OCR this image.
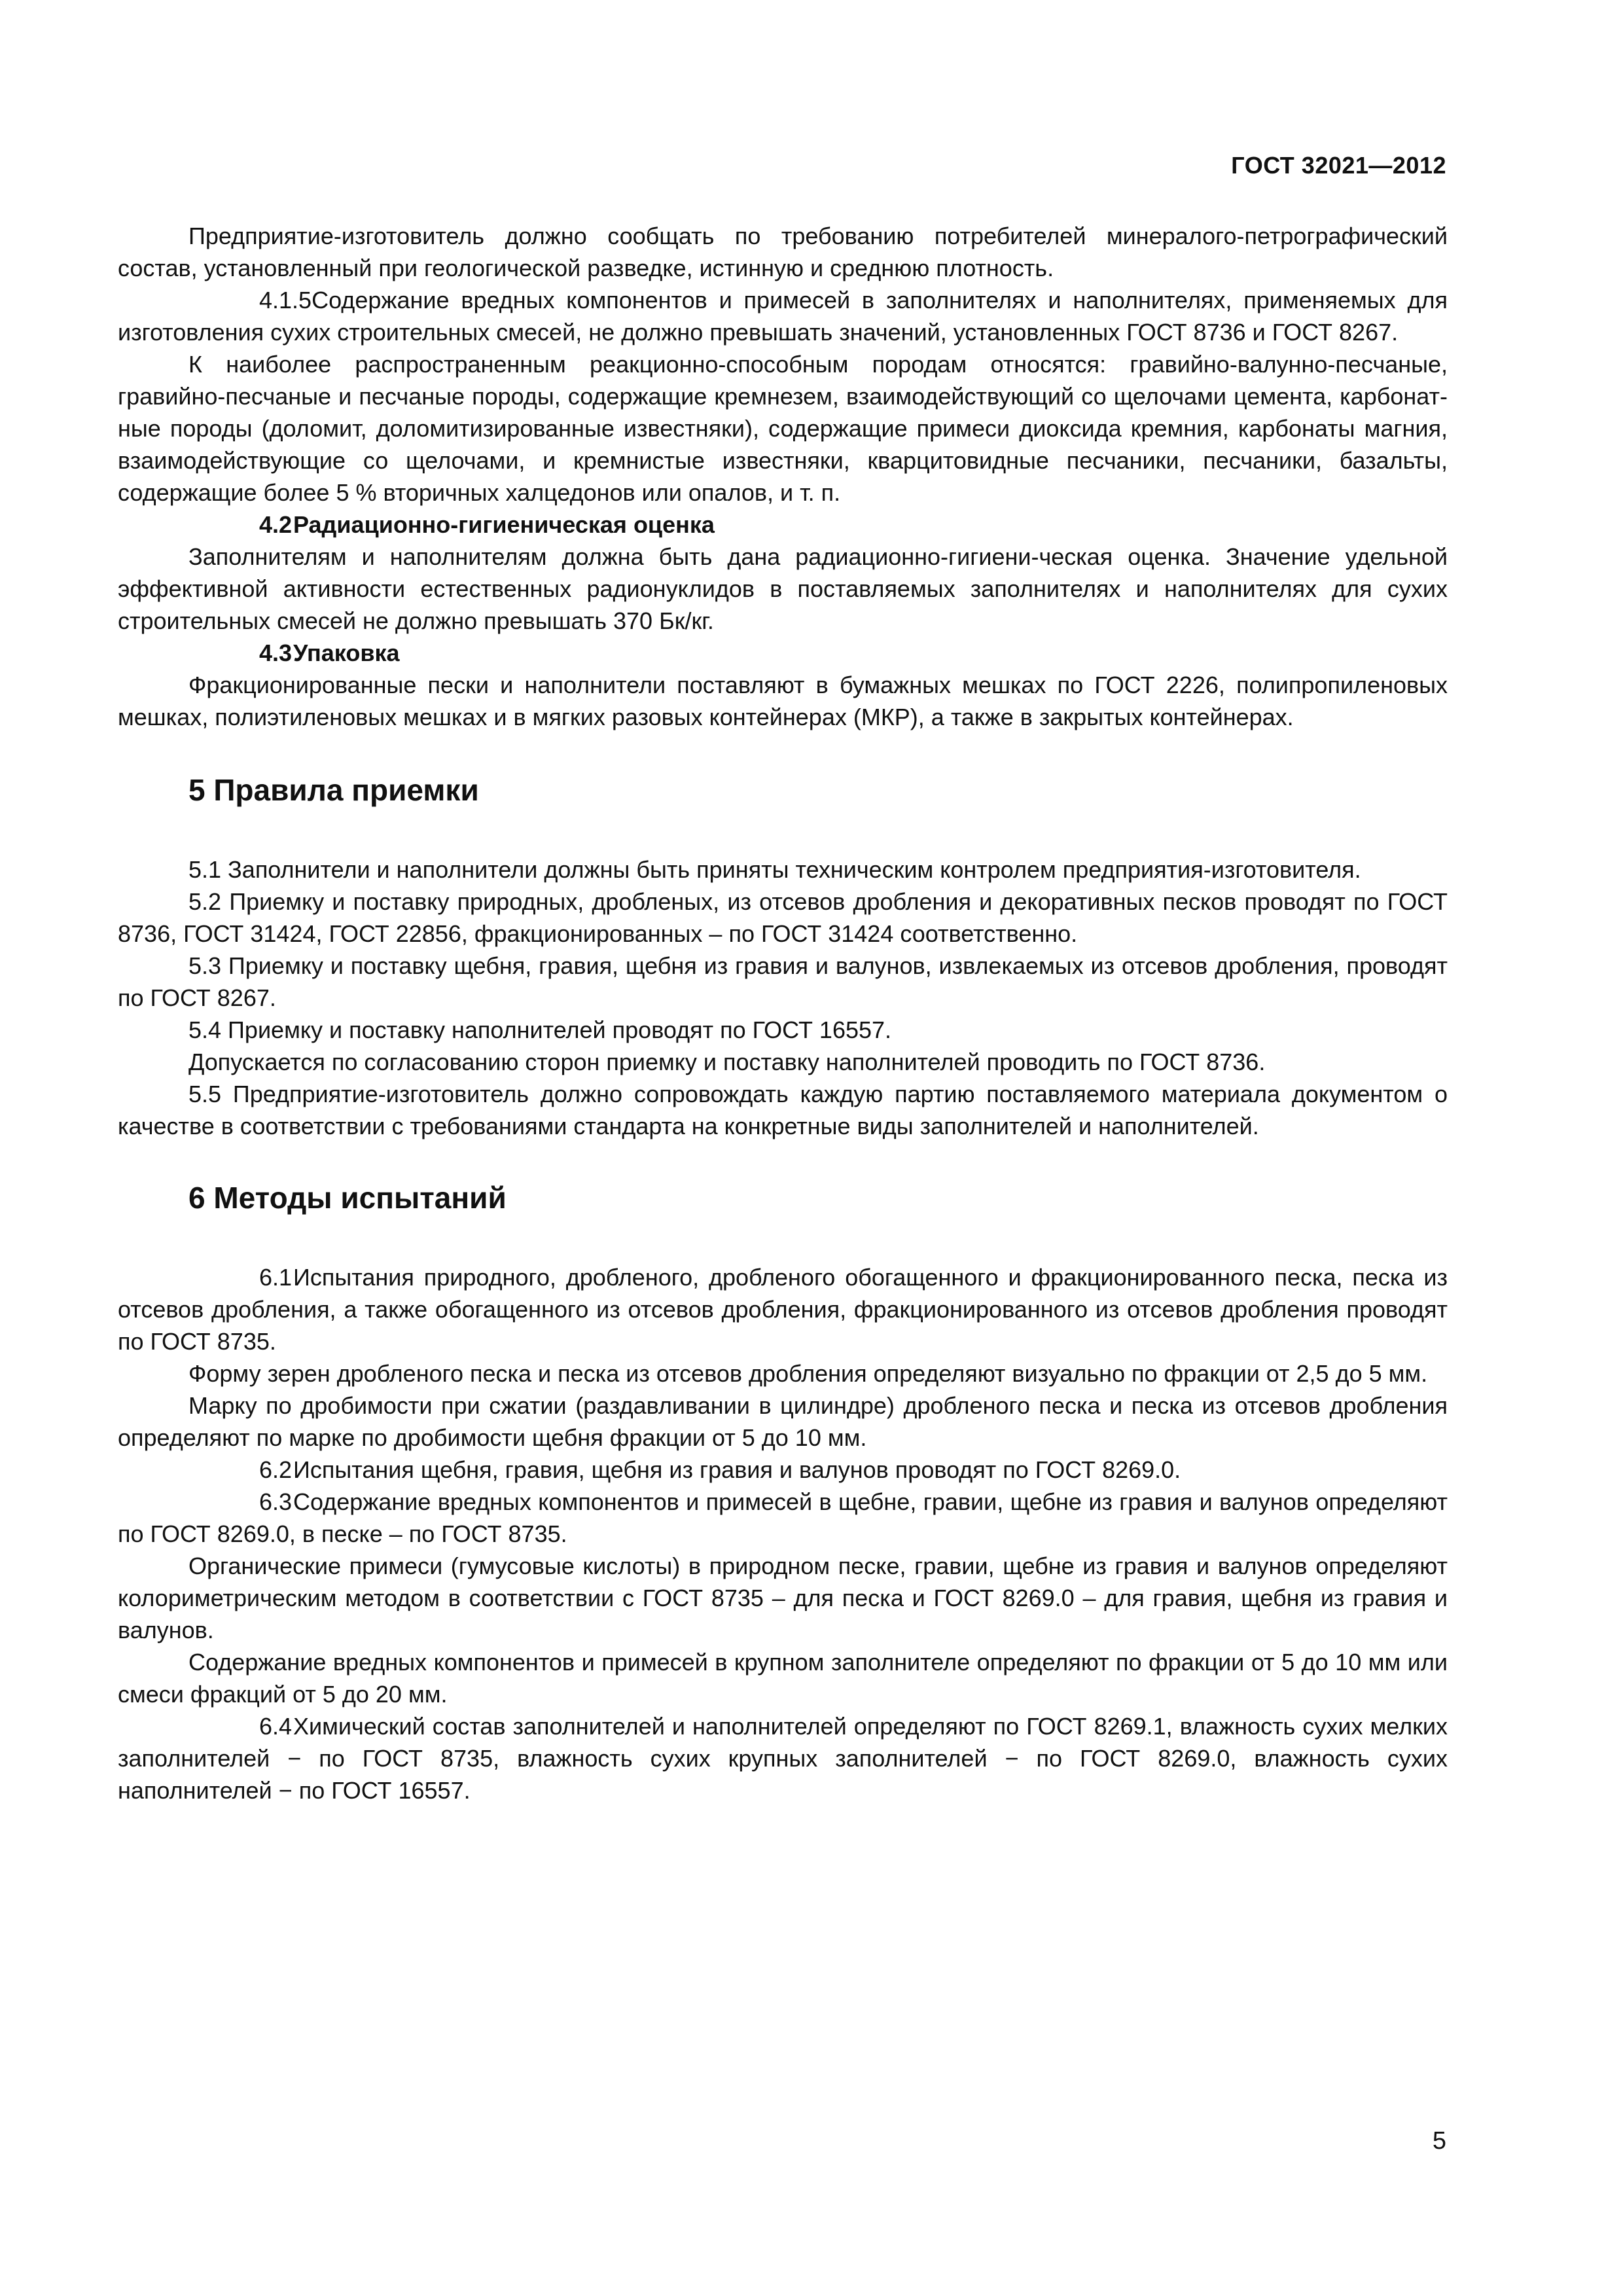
ГОСТ 32021—2012

Предприятие-изготовитель должно сообщать по требованию потребителей минералого-петрографический состав, установленный при геологической разведке, истинную и среднюю плотность.

4.1.5Содержание вредных компонентов и примесей в заполнителях и наполнителях, применяемых для изготовления сухих строительных смесей, не должно превышать значений, установленных ГОСТ 8736 и ГОСТ 8267.

К наиболее распространенным реакционно-способным породам относятся: гравийно-валунно-песчаные, гравийно-песчаные и песчаные породы, содержащие кремнезем, взаимодействующий со щелочами цемента, карбонат-ные породы (доломит, доломитизированные известняки), содержащие примеси диоксида кремния, карбонаты магния, взаимодействующие со щелочами, и кремнистые известняки, кварцитовидные песчаники, песчаники, базальты, содержащие более 5 % вторичных халцедонов или опалов, и т. п.

4.2Радиационно-гигиеническая оценка

Заполнителям и наполнителям должна быть дана радиационно-гигиени-ческая оценка. Значение удельной эффективной активности естественных радионуклидов в поставляемых заполнителях и наполнителях для сухих строительных смесей не должно превышать 370 Бк/кг.

4.3Упаковка

Фракционированные пески и наполнители поставляют в бумажных мешках по ГОСТ 2226, полипропиленовых мешках, полиэтиленовых мешках и в мягких разовых контейнерах (МКР), а также в закрытых контейнерах.

5 Правила приемки

5.1 Заполнители и наполнители должны быть приняты техническим контролем предприятия-изготовителя.

5.2 Приемку и поставку природных, дробленых, из отсевов дробления и декоративных песков проводят по ГОСТ 8736, ГОСТ 31424, ГОСТ 22856, фракционированных – по ГОСТ 31424 соответственно.

5.3 Приемку и поставку щебня, гравия, щебня из гравия и валунов, извлекаемых из отсевов дробления, проводят по ГОСТ 8267.

5.4 Приемку и поставку наполнителей проводят по ГОСТ 16557.

Допускается по согласованию сторон приемку и поставку наполнителей проводить по ГОСТ 8736.

5.5 Предприятие-изготовитель должно сопровождать каждую партию поставляемого материала документом о качестве в соответствии с требованиями стандарта на конкретные виды заполнителей и наполнителей.

6 Методы испытаний

6.1Испытания природного, дробленого, дробленого обогащенного и фракционированного песка, песка из отсевов дробления, а также обогащенного из отсевов дробления, фракционированного из отсевов дробления проводят по ГОСТ 8735.

Форму зерен дробленого песка и песка из отсевов дробления определяют визуально по фракции от 2,5 до 5 мм.

Марку по дробимости при сжатии (раздавливании в цилиндре) дробленого песка и песка из отсевов дробления определяют по марке по дробимости щебня фракции от 5 до 10 мм.

6.2Испытания щебня, гравия, щебня из гравия и валунов проводят по ГОСТ 8269.0.

6.3Содержание вредных компонентов и примесей в щебне, гравии, щебне из гравия и валунов определяют по ГОСТ 8269.0, в песке – по ГОСТ 8735.

Органические примеси (гумусовые кислоты) в природном песке, гравии, щебне из гравия и валунов определяют колориметрическим методом в соответствии с ГОСТ 8735 – для песка и ГОСТ 8269.0 – для гравия, щебня из гравия и валунов.

Содержание вредных компонентов и примесей в крупном заполнителе определяют по фракции от 5 до 10 мм или смеси фракций от 5 до 20 мм.

6.4Химический состав заполнителей и наполнителей определяют по ГОСТ 8269.1, влажность сухих мелких заполнителей − по ГОСТ 8735, влажность сухих крупных заполнителей − по ГОСТ 8269.0, влажность сухих наполнителей − по ГОСТ 16557.

5
